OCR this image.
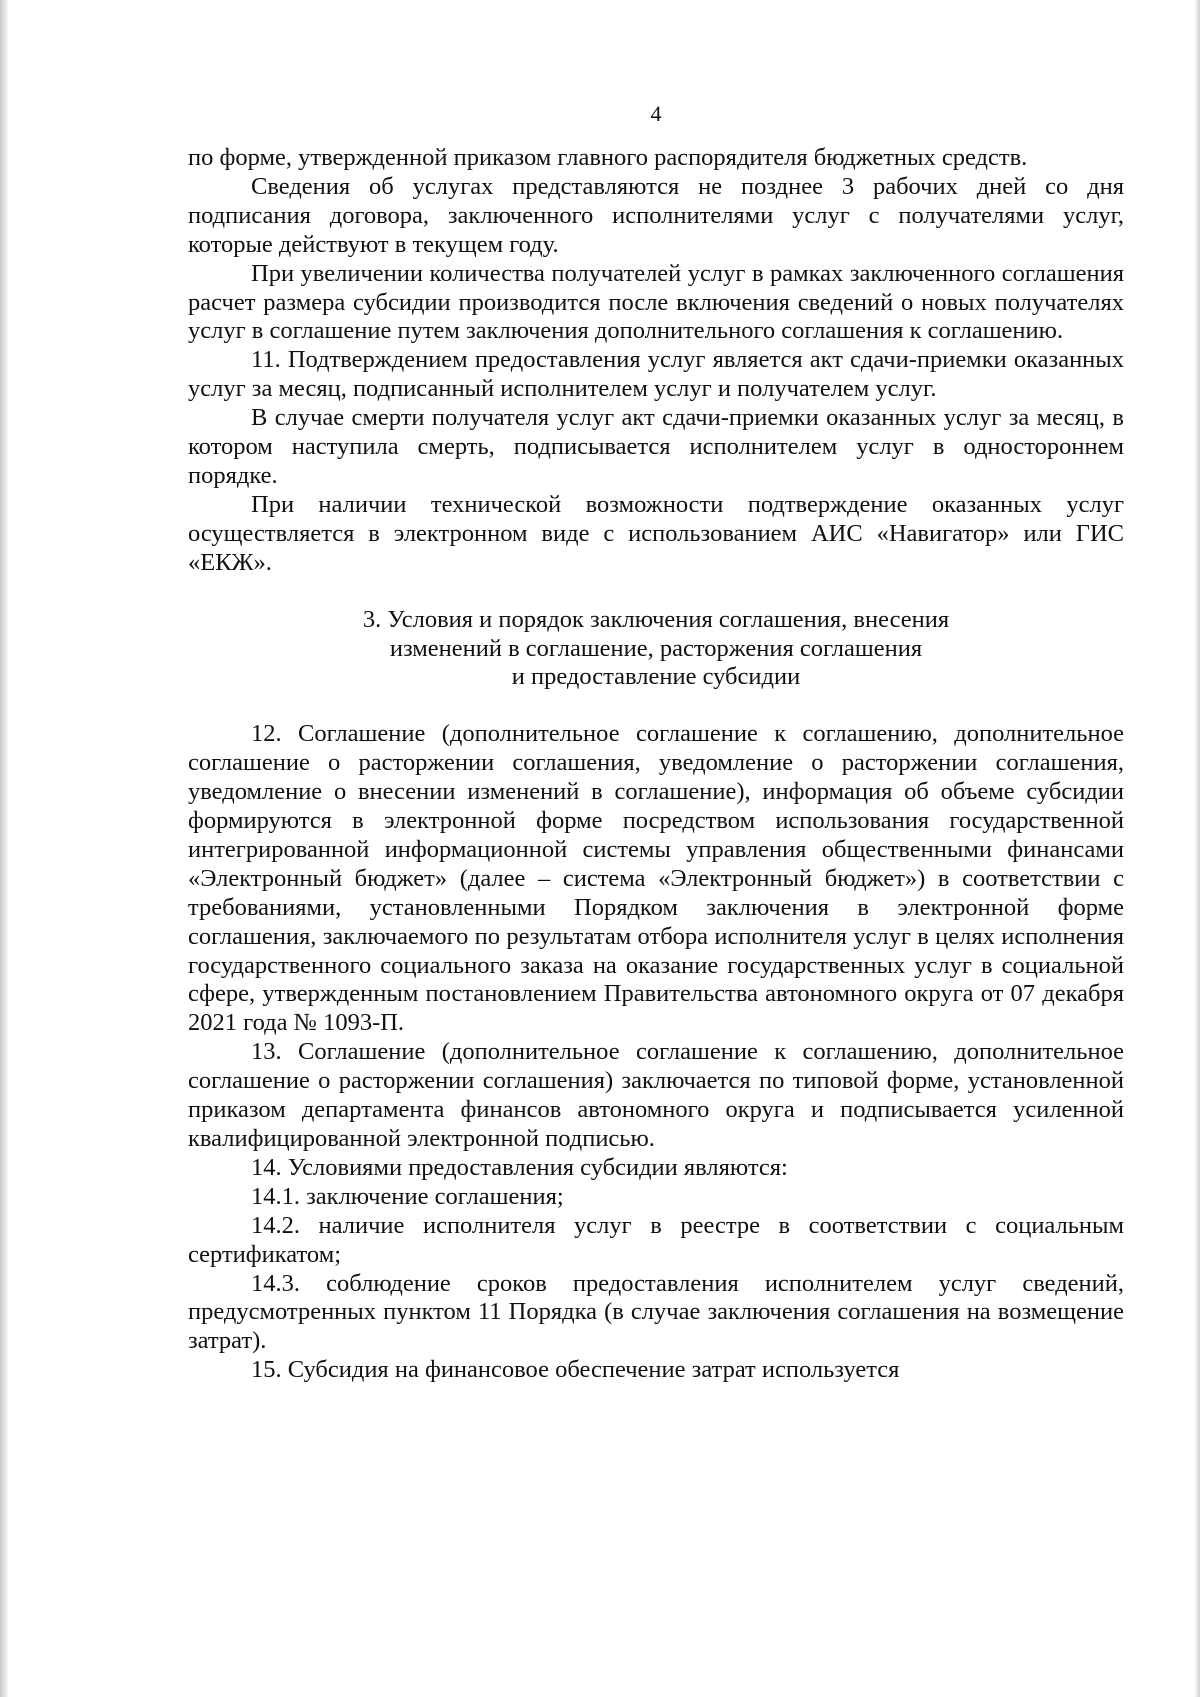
4

по форме, утвержденной приказом главного распорядителя бюджетных средств.

Сведения об услугах представляются не позднее 3 рабочих дней со дня подписания договора, заключенного исполнителями услуг с получателями услуг, которые действуют в текущем году.

При увеличении количества получателей услуг в рамках заключенного соглашения расчет размера субсидии производится после включения сведений о новых получателях услуг в соглашение путем заключения дополнительного соглашения к соглашению.

11. Подтверждением предоставления услуг является акт сдачи-приемки оказанных услуг за месяц, подписанный исполнителем услуг и получателем услуг.

В случае смерти получателя услуг акт сдачи-приемки оказанных услуг за месяц, в котором наступила смерть, подписывается исполнителем услуг в одностороннем порядке.

При наличии технической возможности подтверждение оказанных услуг осуществляется в электронном виде с использованием АИС «Навигатор» или ГИС «ЕКЖ».

3. Условия и порядок заключения соглашения, внесения
изменений в соглашение, расторжения соглашения
и предоставление субсидии

12. Соглашение (дополнительное соглашение к соглашению, дополнительное соглашение о расторжении соглашения, уведомление о расторжении соглашения, уведомление о внесении изменений в соглашение), информация об объеме субсидии формируются в электронной форме посредством использования государственной интегрированной информационной системы управления общественными финансами «Электронный бюджет» (далее – система «Электронный бюджет») в соответствии с требованиями, установленными Порядком заключения в электронной форме соглашения, заключаемого по результатам отбора исполнителя услуг в целях исполнения государственного социального заказа на оказание государственных услуг в социальной сфере, утвержденным постановлением Правительства автономного округа от 07 декабря 2021 года № 1093-П.

13. Соглашение (дополнительное соглашение к соглашению, дополнительное соглашение о расторжении соглашения) заключается по типовой форме, установленной приказом департамента финансов автономного округа и подписывается усиленной квалифицированной электронной подписью.

14. Условиями предоставления субсидии являются:

14.1. заключение соглашения;

14.2. наличие исполнителя услуг в реестре в соответствии с социальным сертификатом;

14.3. соблюдение сроков предоставления исполнителем услуг сведений, предусмотренных пунктом 11 Порядка (в случае заключения соглашения на возмещение затрат).

15. Субсидия на финансовое обеспечение затрат используется
